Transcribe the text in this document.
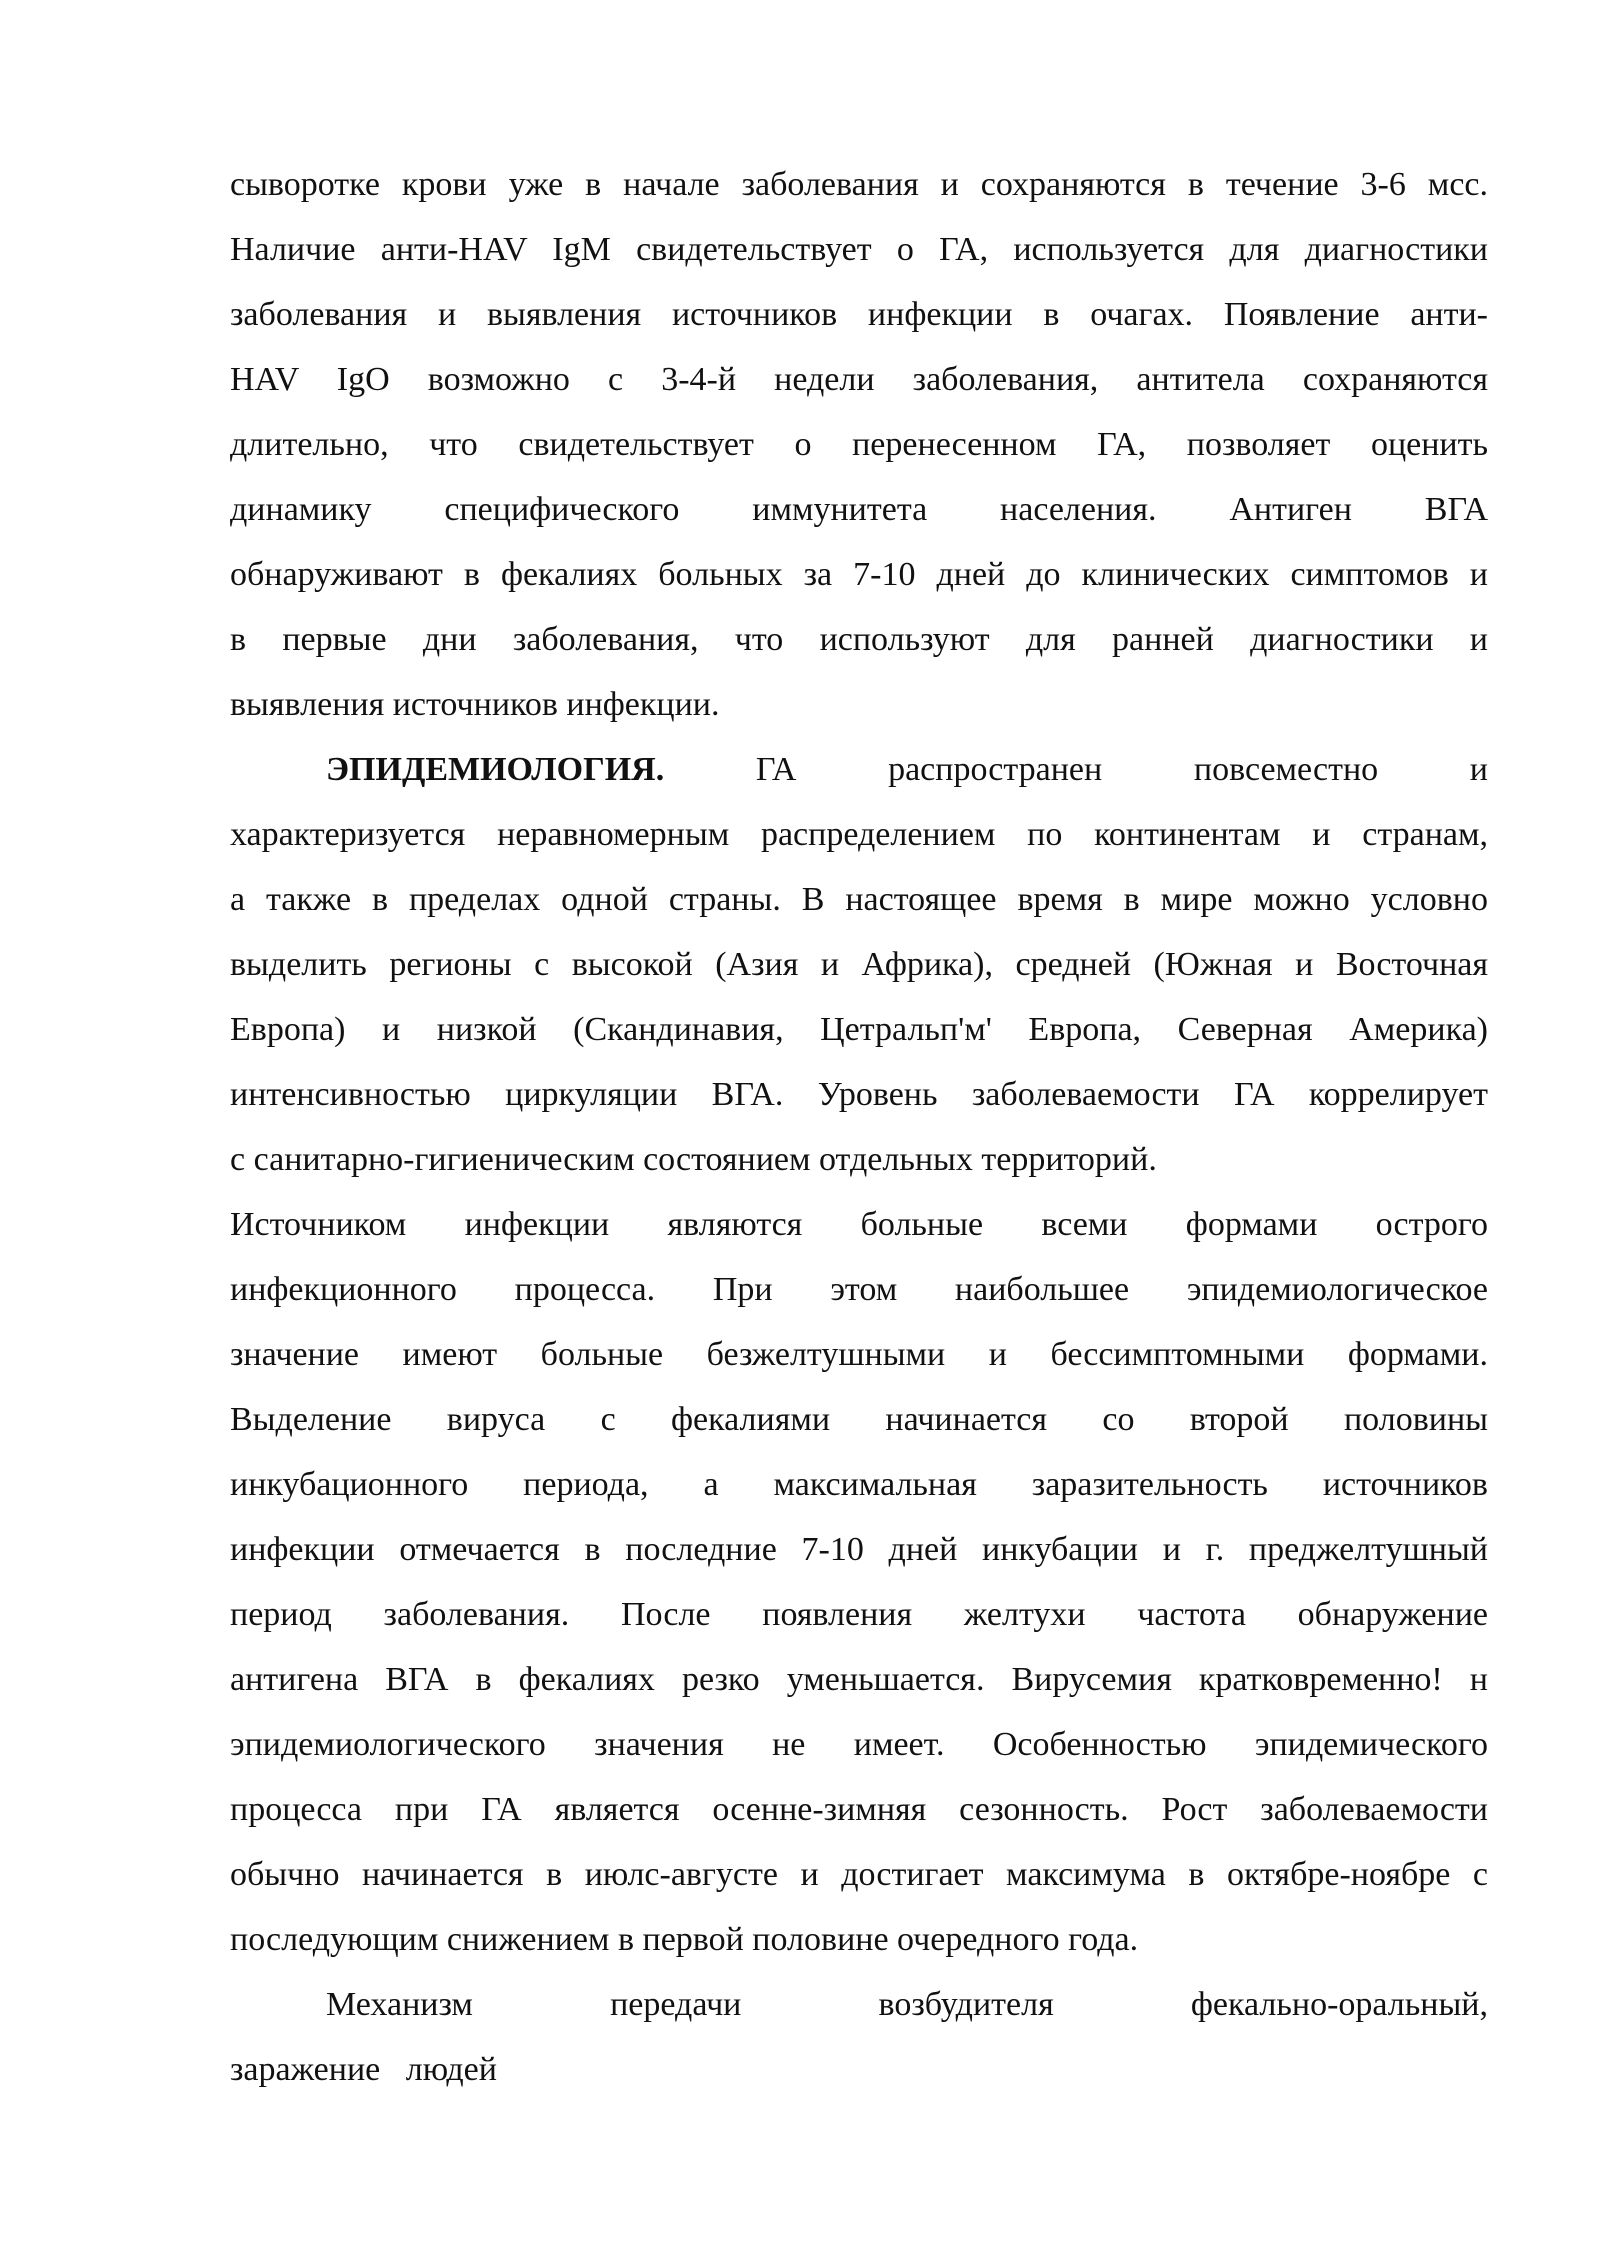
сыворотке крови уже в начале заболевания и сохраняются в течение 3-6 мсс.
Наличие анти-HAV IgM свидетельствует о ГА, используется для диагностики
заболевания и выявления источников инфекции в очагах. Появление анти-
HAV IgO возможно с 3-4-й недели заболевания, антитела сохраняются
длительно, что свидетельствует о перенесенном ГА, позволяет оценить
динамику специфического иммунитета населения. Антиген ВГА
обнаруживают в фекалиях больных за 7-10 дней до клинических симптомов и
в первые дни заболевания, что используют для ранней диагностики и
выявления источников инфекции.
ЭПИДЕМИОЛОГИЯ.	ГА	распространен	повсеместно	и
характеризуется неравномерным распределением по континентам и странам,
а также в пределах одной страны. В настоящее время в мире можно условно
выделить регионы с высокой (Азия и Африка), средней (Южная и Восточная
Европа) и низкой (Скандинавия, Цетральп'м' Европа, Северная Америка)
интенсивностью циркуляции ВГА. Уровень заболеваемости ГА коррелирует
с санитарно-гигиеническим состоянием отдельных территорий.
Источником инфекции являются больные всеми формами острого
инфекционного процесса. При этом наибольшее эпидемиологическое
значение имеют больные безжелтушными и бессимптомными формами.
Выделение вируса с фекалиями начинается со второй половины
инкубационного периода, а максимальная заразительность источников
инфекции отмечается в последние 7-10 дней инкубации и г. преджелтушный
период заболевания. После появления желтухи частота обнаружение
антигена ВГА в фекалиях резко уменьшается. Вирусемия кратковременно! н
эпидемиологического значения не имеет. Особенностью эпидемического
процесса при ГА является осенне-зимняя сезонность. Рост заболеваемости
обычно начинается в июлс-августе и достигает максимума в октябре-ноябре с
последующим снижением в первой половине очередного года.
Механизм	передачи	возбудителя	фекально-оральный,
заражение   людей
